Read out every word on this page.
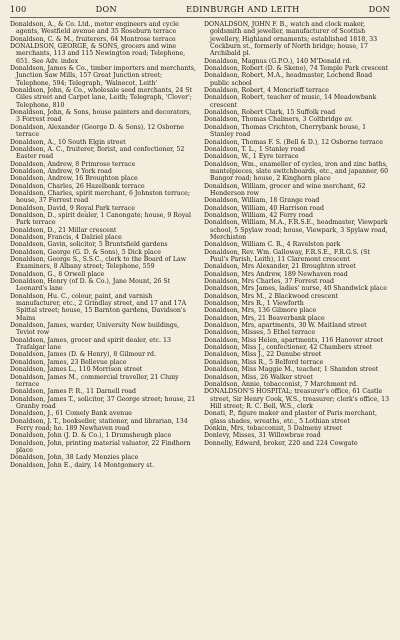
100	DON	EDINBURGH AND LEITH	DON

Donaldson, A., & Co. Ltd., motor engineers and cycle agents, Westfield avenue and 35 Roseburn terrace

Donaldson, C. & M., fruiterers, 64 Montrose terrace

DONALDSON, GEORGE, & SONS, grocers and wine merchants, 113 and 115 Newington road; Telephone, 651. See Adv. index

Donaldson, James & Co., timber importers and merchants, Junction Saw Mills, 157 Great Junction street; Telephone, 594; Telegraph, 'Walnecot, Leith'

Donaldson, John, & Co., wholesale seed merchants, 24 St Giles street and Carpet lane, Leith; Telegraph, 'Clover'; Telephone, 810

Donaldson, John, & Sons, house painters and decorators, 3 Forrest road

Donaldson, Alexander (George D. & Sons), 12 Osborne terrace

Donaldson, A., 10 South Elgin street

Donaldson, A. C., fruiterer, florist, and confectioner, 52 Easter road

Donaldson, Andrew, 8 Primrose terrace

Donaldson, Andrew, 9 York road

Donaldson, Andrew, 16 Broughton place

Donaldson, Charles, 26 Hazelbank terrace

Donaldson, Charles, spirit merchant, 6 Johnston terrace; house, 37 Forrest road

Donaldson, David, 9 Royal Park terrace

Donaldson, D., spirit dealer, 1 Canongate; house, 9 Royal Park terrace

Donaldson, D., 21 Millar crescent

Donaldson, Francis, 4 Dalziel place

Donaldson, Gavin, solicitor, 5 Bruntsfield gardens

Donaldson, George (G. D. & Sons), 5 Dick place

Donaldson, George S., S.S.C., clerk to the Board of Law Examiners, 8 Albany street; Telephone, 559

Donaldson, G., 8 Orwell place

Donaldson, Henry (of D. & Co.), Jane Mount, 26 St Leonard's lane

Donaldson, Hu. C., colour, paint, and varnish manufacturer, etc., 2 Grindlay street, and 17 and 17A Spittal street; house, 15 Barnton gardens, Davidson's Mains

Donaldson, James, warder, University New buildings, Teviot row

Donaldson, James, grocer and spirit dealer, etc. 13 Trafalgar lane

Donaldson, James (D. & Henry), 8 Gilmour rd.

Donaldson, James, 23 Bellevue place

Donaldson, James L., 110 Morrison street

Donaldson, James M., commercial traveller, 21 Cluny terrace

Donaldson, James P. R., 11 Darnell road

Donaldson, James T., solicitor, 37 George street; house, 21 Granby road

Donaldson, J., 61 Comely Bank avenue

Donaldson, J. T., bookseller, stationer, and librarian, 134 Ferry road; ho. 189 Newhaven road

Donaldson, John (J. D. & Co.), 1 Drumsheugh place

Donaldson, John, printing material valuator, 22 Findhorn place

Donaldson, John, 38 Lady Menzies place

Donaldson, John E., dairy, 14 Montgomery st.

DONALDSON, JOHN F. B., watch and clock maker, goldsmith and jeweller, manufacturer of Scottish jewellery, Highland ornaments; established 1818, 33 Cockburn st., formerly of North bridge; house, 17 Archibald pl.

Donaldson, Magnus (G.P.O.), 140 M'Donald rd.

Donaldson, Robert (D. & Skene), 74 Temple Park crescent

Donaldson, Robert, M.A., headmaster, Lochend Road public school

Donaldson, Robert, 4 Moncrieff terrace

Donaldson, Robert, teacher of music, 14 Meadowbank crescent

Donaldson, Robert Clark, 15 Suffolk road

Donaldson, Thomas Chalmers, 3 Coltbridge av.

Donaldson, Thomas Crichton, Cherrybank house, 1 Stanley road

Donaldson, Thomas F. S. (Bell & D.), 12 Osborne terrace

Donaldson, T. L., 1 Stanley road

Donaldson, W., 1 Eyre terrace

Donaldson, Wm., enameller of cycles, iron and zinc baths, mantelpieces, slate switchboards, etc., and japanner, 60 Bangor road; house, 2 Kinghorn place

Donaldson, William, grocer and wine merchant, 62 Henderson row

Donaldson, William, 18 Grange road

Donaldson, William, 40 Harrison road

Donaldson, William, 42 Ferry road

Donaldson, William, M.A., F.R.S.E., headmaster, Viewpark school, 5 Spylaw road; house, Viewpark, 3 Spylaw road, Merchiston

Donaldson, William C. R., 4 Ravelston park

Donaldson, Rev. Wm. Galloway, F.R.S.E., F.R.G.S. (St Paul's Parish, Leith), 11 Claremont crescent

Donaldson, Mrs Alexander, 21 Broughton street

Donaldson, Mrs Andrew, 189 Newhaven road

Donaldson, Mrs Charles, 37 Forrest road

Donaldson, Mrs James, ladies' nurse, 40 Shandwick place

Donaldson, Mrs M., 2 Blackwood crescent

Donaldson, Mrs R., 1 Viewforth

Donaldson, Mrs, 136 Gilmore place

Donaldson, Mrs, 21 Beaverbank place

Donaldson, Mrs, apartments, 30 W. Maitland street

Donaldson, Misses, 5 Ethel terrace

Donaldson, Miss Helen, apartments, 116 Hanover street

Donaldson, Miss J., confectioner, 42 Chambers street

Donaldson, Miss J., 22 Danube street

Donaldson, Miss R., 5 Belford terrace

Donaldson, Miss Maggie M., teacher, 1 Shandon street

Donaldson, Miss, 26 Walker street

Donaldson, Annie, tobacconist, 7 Marchmont rd.

DONALDSON'S HOSPITAL; treasurer's office, 61 Castle street, Sir Henry Cook, W.S., treasurer; clerk's office, 13 Hill street; R. C. Bell, W.S., clerk

Donati, P., figure maker and plaster of Paris merchant, glass shades, wreaths, etc., 5 Lothian street

Donkin, Mrs, tobacconist, 5 Dalmeny street

Donlevy, Misses, 31 Willowbrae road

Donnelly, Edward, broker, 220 and 224 Cowgate
